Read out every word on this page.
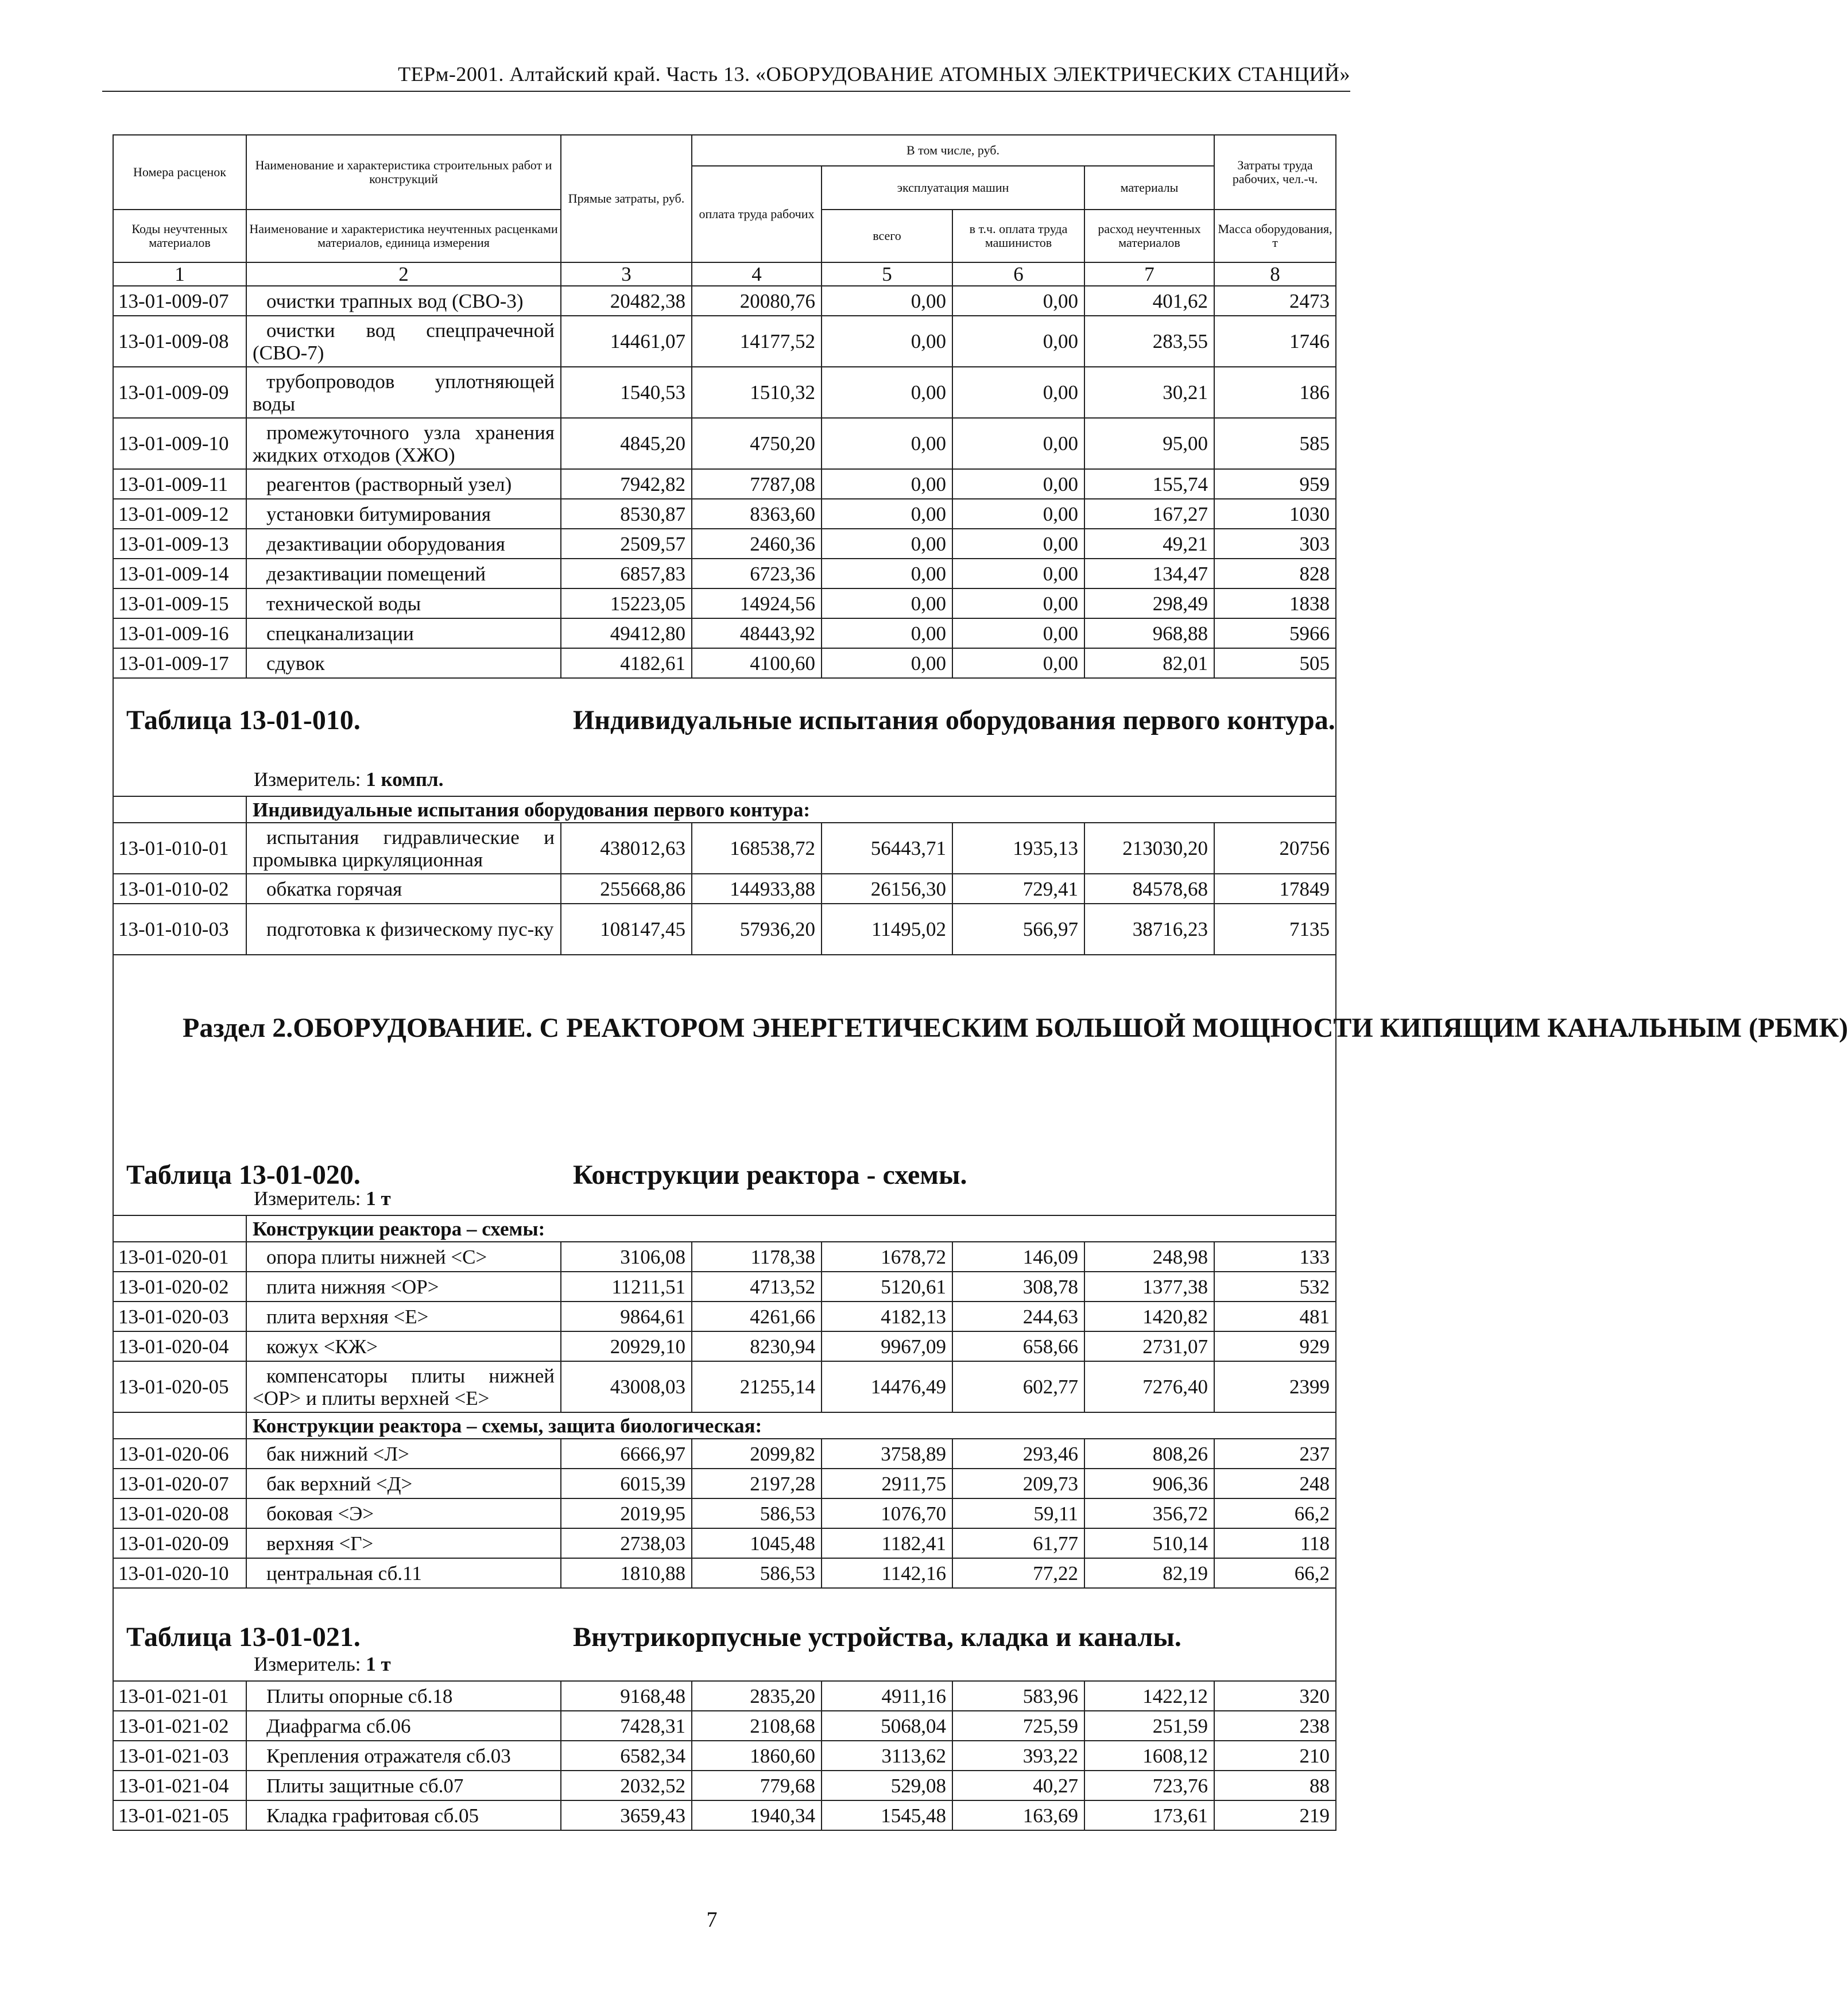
ТЕРм-2001. Алтайский край. Часть 13. «ОБОРУДОВАНИЕ АТОМНЫХ ЭЛЕКТРИЧЕСКИХ СТАНЦИЙ»
Номера расценок	Наименование и характеристика строительных работ и конструкций	Прямые затраты, руб.	В том числе, руб.				Затраты труда рабочих, чел.-ч.
			оплата труда рабочих	эксплуатация машин		материалы	
Коды неучтенных материалов	Наименование и характеристика неучтенных расценками материалов, единица измерения			всего	в т.ч. оплата труда машинистов	расход неучтенных материалов	Масса оборудования, т
1	2	3	4	5	6	7	8
13-01-009-07	очистки трапных вод (СВО-3)	20482,38	20080,76	0,00	0,00	401,62	2473
13-01-009-08	очистки вод спецпрачечной (СВО-7)	14461,07	14177,52	0,00	0,00	283,55	1746
13-01-009-09	трубопроводов уплотняющей воды	1540,53	1510,32	0,00	0,00	30,21	186
13-01-009-10	промежуточного узла хранения жидких отходов (ХЖО)	4845,20	4750,20	0,00	0,00	95,00	585
13-01-009-11	реагентов (растворный узел)	7942,82	7787,08	0,00	0,00	155,74	959
13-01-009-12	установки битумирования	8530,87	8363,60	0,00	0,00	167,27	1030
13-01-009-13	дезактивации оборудования	2509,57	2460,36	0,00	0,00	49,21	303
13-01-009-14	дезактивации помещений	6857,83	6723,36	0,00	0,00	134,47	828
13-01-009-15	технической воды	15223,05	14924,56	0,00	0,00	298,49	1838
13-01-009-16	спецканализации	49412,80	48443,92	0,00	0,00	968,88	5966
13-01-009-17	сдувок	4182,61	4100,60	0,00	0,00	82,01	505

Таблица 13-01-010. Индивидуальные испытания оборудования первого контура.
Измеритель: 1 компл.							

	Индивидуальные испытания оборудования первого контура:						
13-01-010-01	испытания гидравлические и промывка циркуляционная	438012,63	168538,72	56443,71	1935,13	213030,20	20756
13-01-010-02	обкатка горячая	255668,86	144933,88	26156,30	729,41	84578,68	17849
13-01-010-03	подготовка к физическому пус-ку	108147,45	57936,20	11495,02	566,97	38716,23	7135

Раздел 2.ОБОРУДОВАНИЕ. С РЕАКТОРОМ ЭНЕРГЕТИЧЕСКИМ БОЛЬШОЙ МОЩНОСТИ КИПЯЩИМ КАНАЛЬНЫМ (РБМК)							

Таблица 13-01-020. Конструкции реактора - схемы.
Измеритель: 1 т							

	Конструкции реактора – схемы:						
13-01-020-01	опора плиты нижней <С>	3106,08	1178,38	1678,72	146,09	248,98	133
13-01-020-02	плита нижняя <ОР>	11211,51	4713,52	5120,61	308,78	1377,38	532
13-01-020-03	плита верхняя <Е>	9864,61	4261,66	4182,13	244,63	1420,82	481
13-01-020-04	кожух <КЖ>	20929,10	8230,94	9967,09	658,66	2731,07	929
13-01-020-05	компенсаторы плиты нижней <ОР> и плиты верхней <Е>	43008,03	21255,14	14476,49	602,77	7276,40	2399
	Конструкции реактора – схемы, защита биологическая:						
13-01-020-06	бак нижний <Л>	6666,97	2099,82	3758,89	293,46	808,26	237
13-01-020-07	бак верхний <Д>	6015,39	2197,28	2911,75	209,73	906,36	248
13-01-020-08	боковая <Э>	2019,95	586,53	1076,70	59,11	356,72	66,2
13-01-020-09	верхняя <Г>	2738,03	1045,48	1182,41	61,77	510,14	118
13-01-020-10	центральная сб.11	1810,88	586,53	1142,16	77,22	82,19	66,2

Таблица 13-01-021. Внутрикорпусные устройства, кладка и каналы.
Измеритель: 1 т							

13-01-021-01	Плиты опорные сб.18	9168,48	2835,20	4911,16	583,96	1422,12	320
13-01-021-02	Диафрагма сб.06	7428,31	2108,68	5068,04	725,59	251,59	238
13-01-021-03	Крепления отражателя сб.03	6582,34	1860,60	3113,62	393,22	1608,12	210
13-01-021-04	Плиты защитные сб.07	2032,52	779,68	529,08	40,27	723,76	88
13-01-021-05	Кладка графитовая сб.05	3659,43	1940,34	1545,48	163,69	173,61	219
7
